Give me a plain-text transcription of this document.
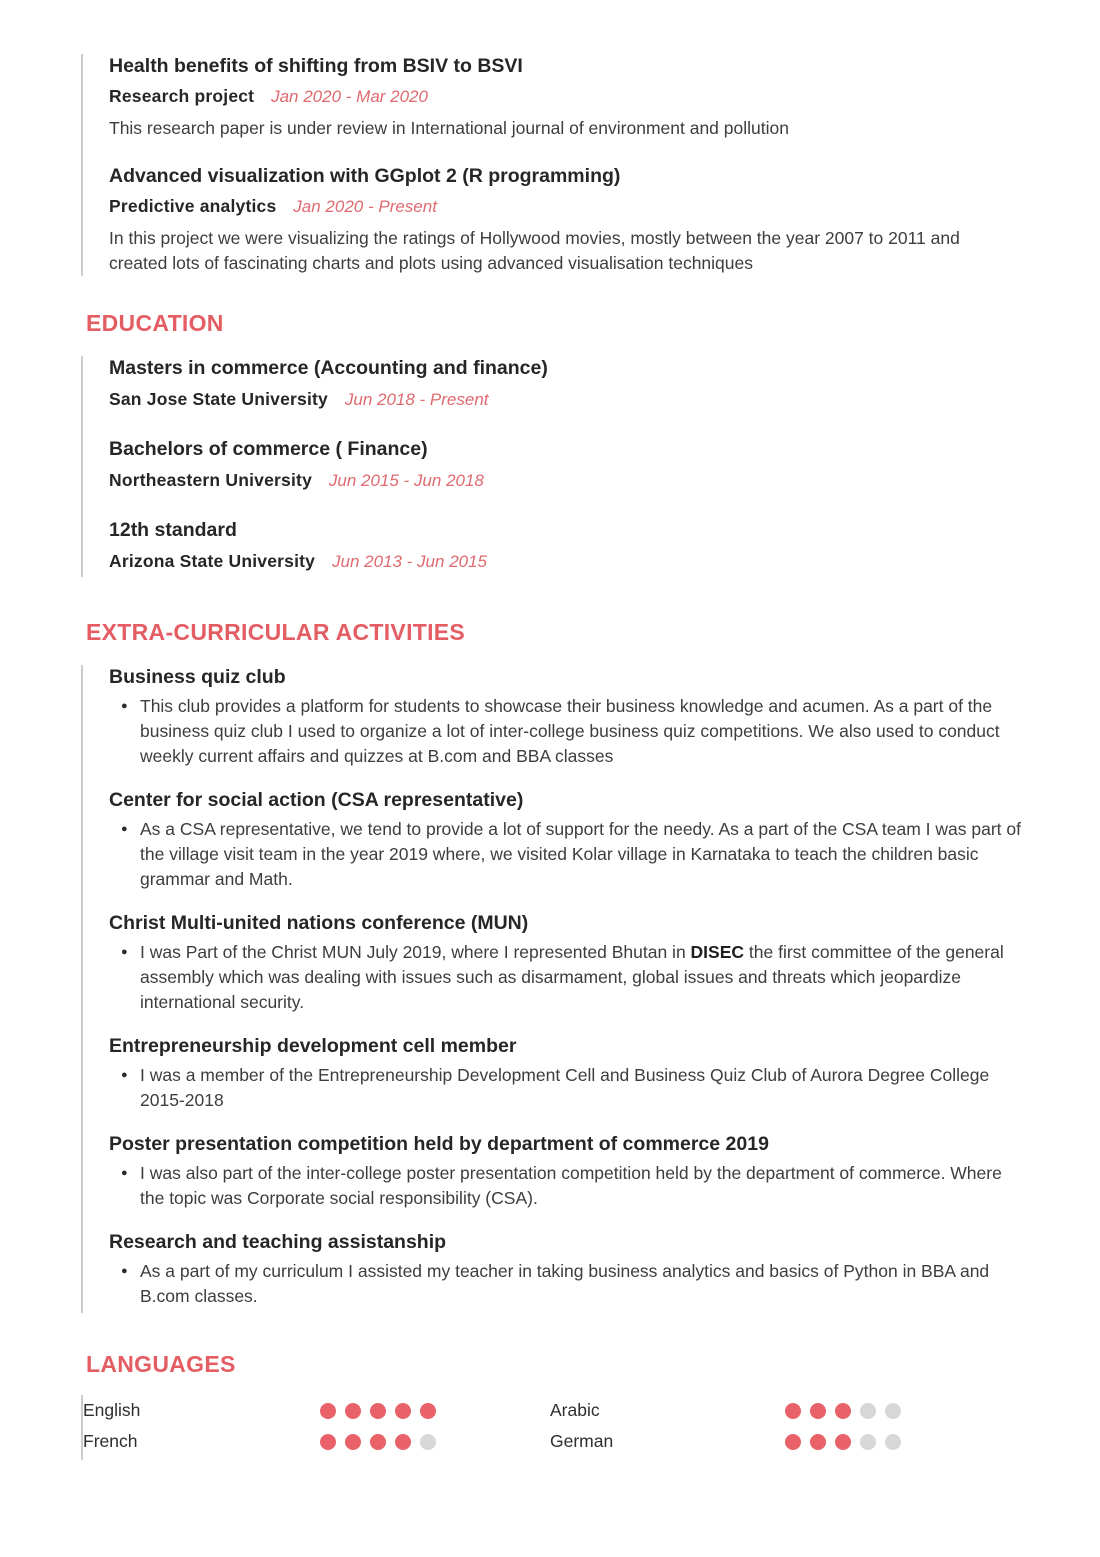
Health benefits of shifting from BSIV to BSVI
Research project Jan 2020 - Mar 2020
This research paper is under review in International journal of environment and pollution
Advanced visualization with GGplot 2 (R programming)
Predictive analytics Jan 2020 - Present
In this project we were visualizing the ratings of Hollywood movies, mostly between the year 2007 to 2011 and created lots of fascinating charts and plots using advanced visualisation techniques
EDUCATION
Masters in commerce (Accounting and finance)
San Jose State University Jun 2018 - Present
Bachelors of commerce ( Finance)
Northeastern University Jun 2015 - Jun 2018
12th standard
Arizona State University Jun 2013 - Jun 2015
EXTRA-CURRICULAR ACTIVITIES
Business quiz club
● This club provides a platform for students to showcase their business knowledge and acumen. As a part of the business quiz club I used to organize a lot of inter-college business quiz competitions. We also used to conduct weekly current affairs and quizzes at B.com and BBA classes
Center for social action (CSA representative)
● As a CSA representative, we tend to provide a lot of support for the needy. As a part of the CSA team I was part of the village visit team in the year 2019 where, we visited Kolar village in Karnataka to teach the children basic grammar and Math.
Christ Multi-united nations conference (MUN)
● I was Part of the Christ MUN July 2019, where I represented Bhutan in DISEC the first committee of the general assembly which was dealing with issues such as disarmament, global issues and threats which jeopardize international security.
Entrepreneurship development cell member
● I was a member of the Entrepreneurship Development Cell and Business Quiz Club of Aurora Degree College 2015-2018
Poster presentation competition held by department of commerce 2019
● I was also part of the inter-college poster presentation competition held by the department of commerce. Where the topic was Corporate social responsibility (CSA).
Research and teaching assistanship
● As a part of my curriculum I assisted my teacher in taking business analytics and basics of Python in BBA and B.com classes.
LANGUAGES
English	Arabic
French	German
